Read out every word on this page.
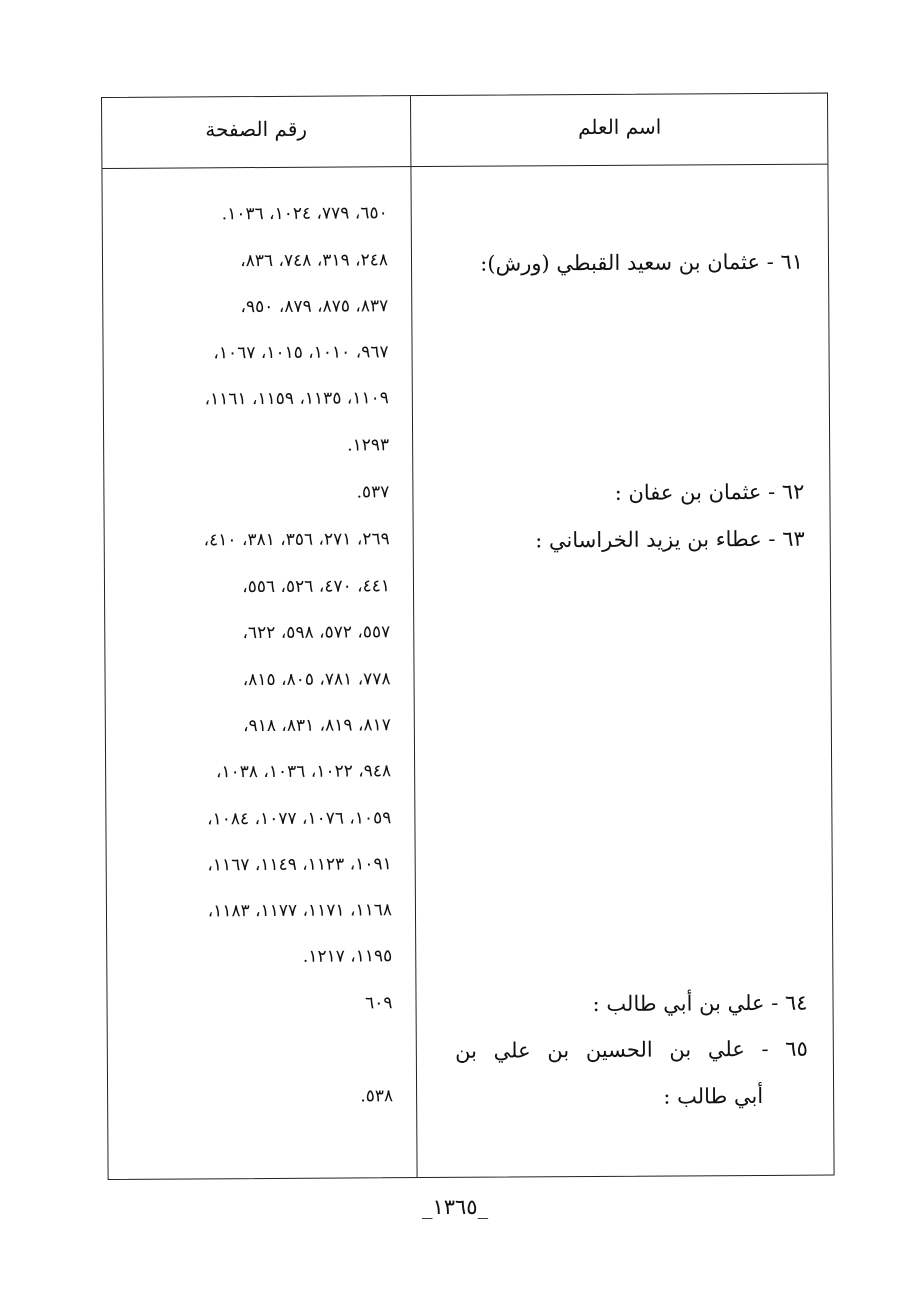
رقم الصفحة	اسم العلم
٦٥٠، ٧٧٩، ١٠٢٤، ١٠٣٦.
٢٤٨، ٣١٩، ٧٤٨، ٨٣٦،
٨٣٧، ٨٧٥، ٨٧٩، ٩٥٠،
٩٦٧، ١٠١٠، ١٠١٥، ١٠٦٧،
١١٠٩، ١١٣٥، ١١٥٩، ١١٦١،
١٢٩٣.
٥٣٧.
٢٦٩، ٢٧١، ٣٥٦، ٣٨١، ٤١٠،
٤٤١، ٤٧٠، ٥٢٦، ٥٥٦،
٥٥٧، ٥٧٢، ٥٩٨، ٦٢٢،
٧٧٨، ٧٨١، ٨٠٥، ٨١٥،
٨١٧، ٨١٩، ٨٣١، ٩١٨،
٩٤٨، ١٠٢٢، ١٠٣٦، ١٠٣٨،
١٠٥٩، ١٠٧٦، ١٠٧٧، ١٠٨٤،
١٠٩١، ١١٢٣، ١١٤٩، ١١٦٧،
١١٦٨، ١١٧١، ١١٧٧، ١١٨٣،
١١٩٥، ١٢١٧.
٦٠٩
٥٣٨.
٦١ - عثمان بن سعيد القبطي (ورش):
٦٢ - عثمان بن عفان :
٦٣ - عطاء بن يزيد الخراساني :
٦٤ - علي بن أبي طالب :
٦٥ - علي بن الحسين بن علي بن
أبي طالب :
_١٣٦٥_
